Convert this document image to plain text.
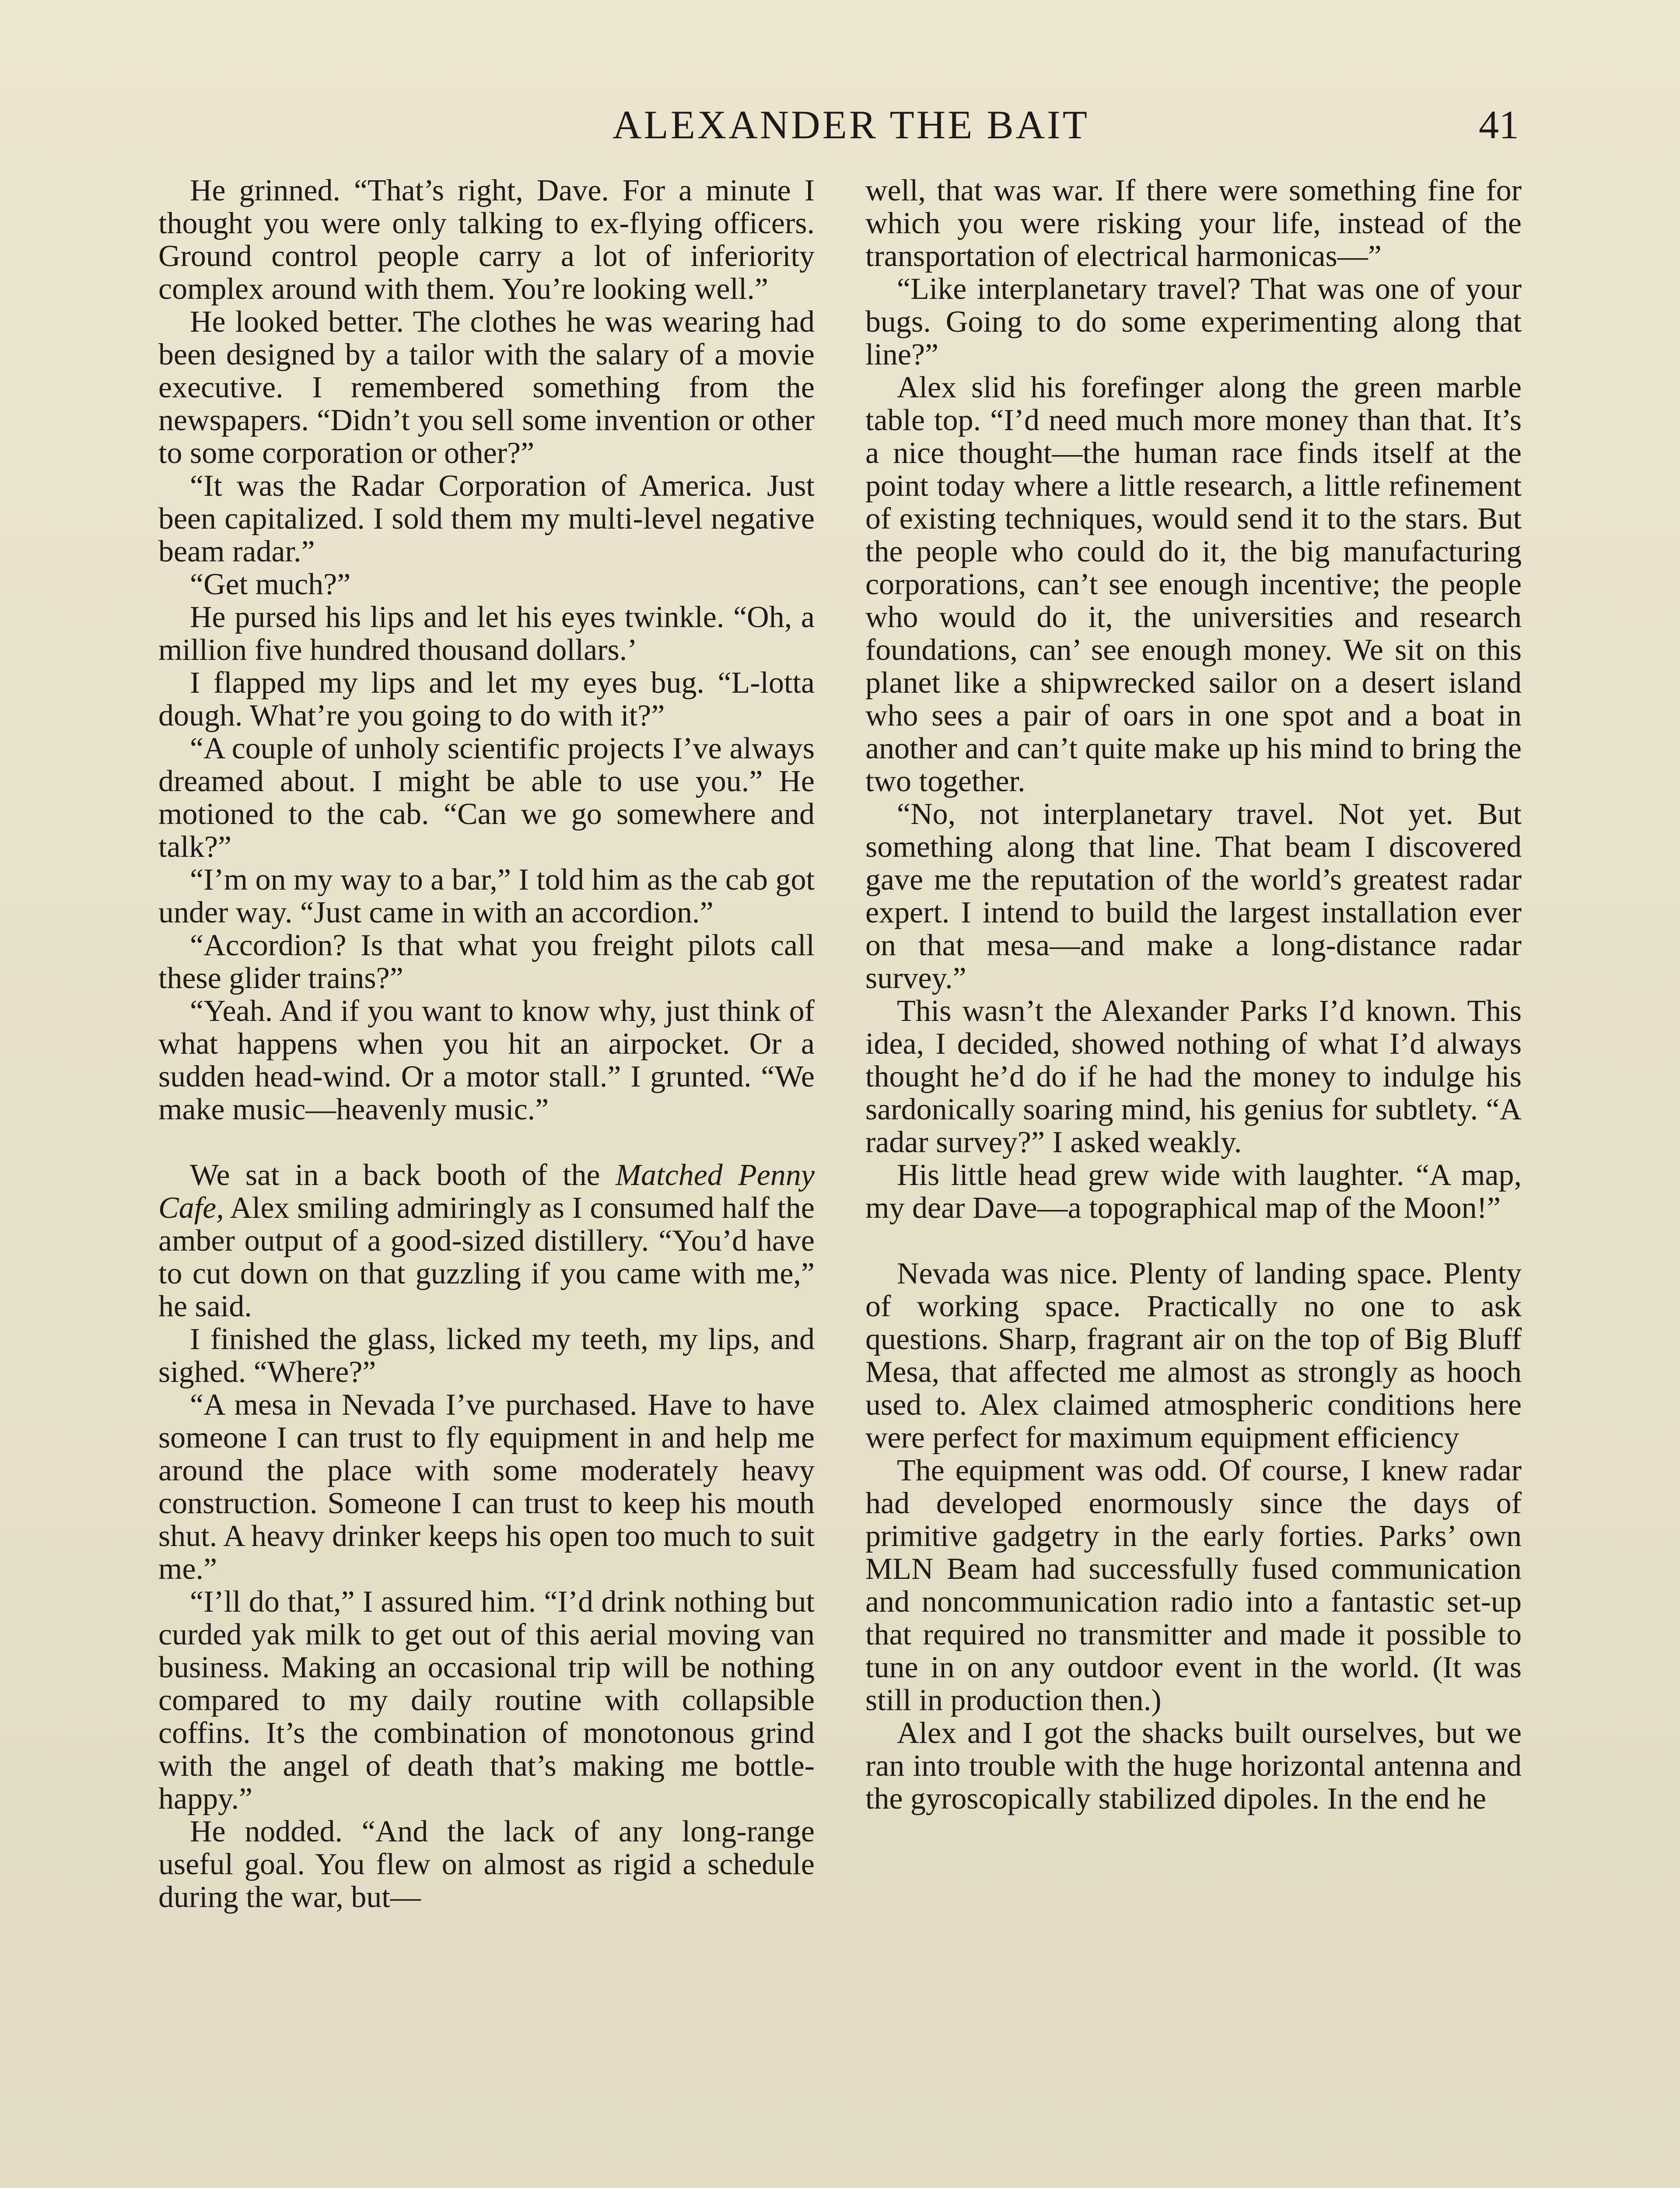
ALEXANDER THE BAIT	41

He grinned. “That’s right, Dave. For a minute I thought you were only talking to ex-flying officers. Ground control people carry a lot of inferiority complex around with them. You’re looking well.”

He looked better. The clothes he was wearing had been designed by a tailor with the salary of a movie executive. I remembered something from the newspapers. “Didn’t you sell some invention or other to some corporation or other?”

“It was the Radar Corporation of America. Just been capitalized. I sold them my multi-level negative beam radar.”

“Get much?”

He pursed his lips and let his eyes twinkle. “Oh, a million five hundred thousand dollars.’

I flapped my lips and let my eyes bug. “L-lotta dough. What’re you going to do with it?”

“A couple of unholy scientific projects I’ve always dreamed about. I might be able to use you.” He motioned to the cab. “Can we go somewhere and talk?”

“I’m on my way to a bar,” I told him as the cab got under way. “Just came in with an accordion.”

“Accordion? Is that what you freight pilots call these glider trains?”

“Yeah. And if you want to know why, just think of what happens when you hit an airpocket. Or a sudden head-wind. Or a motor stall.” I grunted. “We make music—heavenly music.”

We sat in a back booth of the Matched Penny Cafe, Alex smiling admiringly as I consumed half the amber output of a good-sized distillery. “You’d have to cut down on that guzzling if you came with me,” he said.

I finished the glass, licked my teeth, my lips, and sighed. “Where?”

“A mesa in Nevada I’ve purchased. Have to have someone I can trust to fly equipment in and help me around the place with some moderately heavy construction. Someone I can trust to keep his mouth shut. A heavy drinker keeps his open too much to suit me.”

“I’ll do that,” I assured him. “I’d drink nothing but curded yak milk to get out of this aerial moving van business. Making an occasional trip will be nothing compared to my daily routine with collapsible coffins. It’s the combination of monotonous grind with the angel of death that’s making me bottle-happy.”

He nodded. “And the lack of any long-range useful goal. You flew on almost as rigid a schedule during the war, but—

well, that was war. If there were something fine for which you were risking your life, instead of the transportation of electrical harmonicas—”

“Like interplanetary travel? That was one of your bugs. Going to do some experimenting along that line?”

Alex slid his forefinger along the green marble table top. “I’d need much more money than that. It’s a nice thought—the human race finds itself at the point today where a little research, a little refinement of existing techniques, would send it to the stars. But the people who could do it, the big manufacturing corporations, can’t see enough incentive; the people who would do it, the universities and research foundations, can’ see enough money. We sit on this planet like a shipwrecked sailor on a desert island who sees a pair of oars in one spot and a boat in another and can’t quite make up his mind to bring the two together.

“No, not interplanetary travel. Not yet. But something along that line. That beam I discovered gave me the reputation of the world’s greatest radar expert. I intend to build the largest installation ever on that mesa—and make a long-distance radar survey.”

This wasn’t the Alexander Parks I’d known. This idea, I decided, showed nothing of what I’d always thought he’d do if he had the money to indulge his sardonically soaring mind, his genius for subtlety. “A radar survey?” I asked weakly.

His little head grew wide with laughter. “A map, my dear Dave—a topographical map of the Moon!”

Nevada was nice. Plenty of landing space. Plenty of working space. Practically no one to ask questions. Sharp, fragrant air on the top of Big Bluff Mesa, that affected me almost as strongly as hooch used to. Alex claimed atmospheric conditions here were perfect for maximum equipment efficiency

The equipment was odd. Of course, I knew radar had developed enormously since the days of primitive gadgetry in the early forties. Parks’ own MLN Beam had successfully fused communication and noncommunication radio into a fantastic set-up that required no transmitter and made it possible to tune in on any outdoor event in the world. (It was still in production then.)

Alex and I got the shacks built ourselves, but we ran into trouble with the huge horizontal antenna and the gyroscopically stabilized dipoles. In the end he
